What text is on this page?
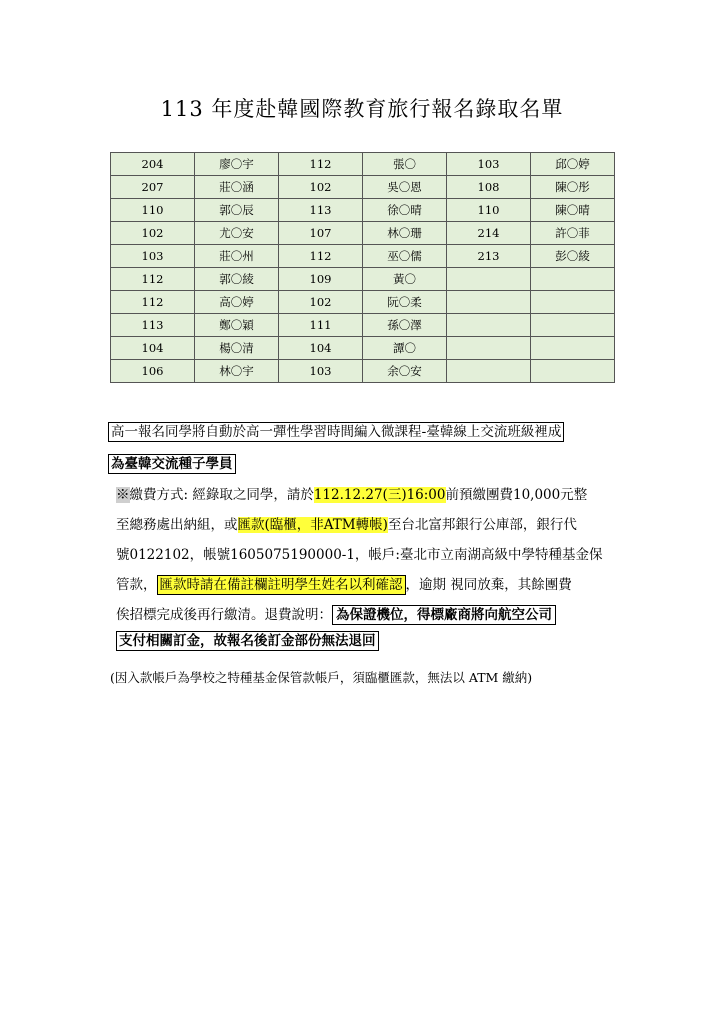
113 年度赴韓國際教育旅行報名錄取名單
204	廖〇宇	112	張〇	103	邱〇婷
207	莊〇涵	102	吳〇恩	108	陳〇彤
110	郭〇辰	113	徐〇晴	110	陳〇晴
102	尤〇安	107	林〇珊	214	許〇菲
103	莊〇州	112	巫〇儒	213	彭〇綾
112	郭〇綾	109	黃〇		
112	高〇婷	102	阮〇柔		
113	鄭〇穎	111	孫〇澤		
104	楊〇清	104	譚〇		
106	林〇宇	103	余〇安		
高一報名同學將自動於高一彈性學習時間編入微課程-臺韓線上交流班級裡成
為臺韓交流種子學員
※繳費方式: 經錄取之同學，請於112.12.27(三)16:00前預繳團費10,000元整
至總務處出納組，或匯款(臨櫃，非ATM轉帳)至台北富邦銀行公庫部，銀行代
號0122102，帳號1605075190000-1，帳戶:臺北市立南湖高級中學特種基金保
管款， 匯款時請在備註欄註明學生姓名以利確認 ，逾期 視同放棄，其餘團費
俟招標完成後再行繳清。退費說明： 為保證機位，得標廠商將向航空公司
支付相關訂金，故報名後訂金部份無法退回
(因入款帳戶為學校之特種基金保管款帳戶，須臨櫃匯款，無法以 ATM 繳納)
